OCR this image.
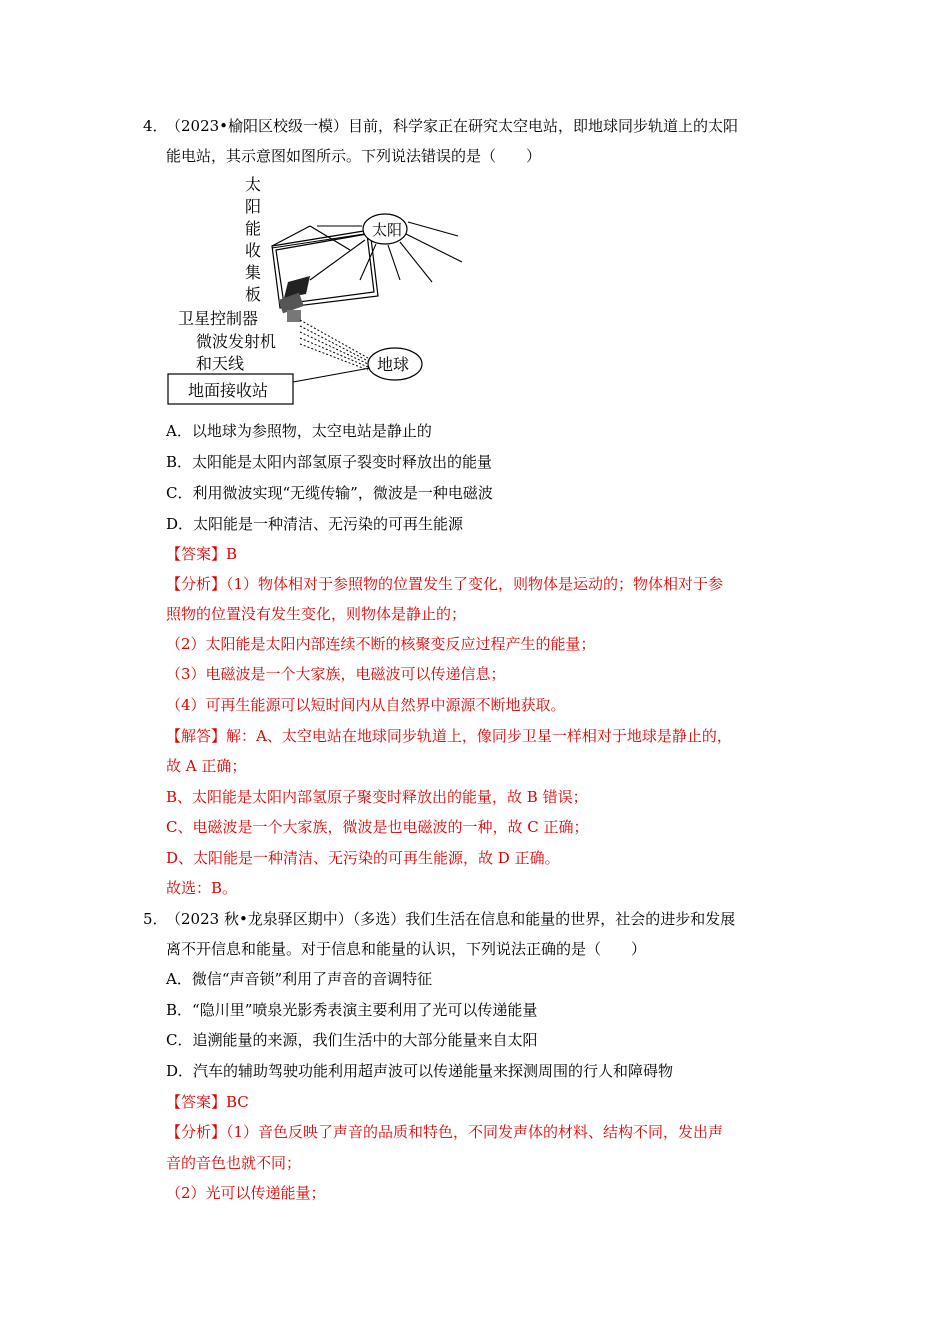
4．
（2023•榆阳区校级一模）目前，科学家正在研究太空电站，即地球同步轨道上的太阳
能电站，其示意图如图所示。下列说法错误的是（　　）
太
阳
能
收
集
板
太阳
卫星控制器
微波发射机
和天线	地球
地面接收站
A．以地球为参照物，太空电站是静止的
B．太阳能是太阳内部氢原子裂变时释放出的能量
C．利用微波实现“无缆传输”，微波是一种电磁波
D．太阳能是一种清洁、无污染的可再生能源
【答案】B
【分析】（1）物体相对于参照物的位置发生了变化，则物体是运动的；物体相对于参
照物的位置没有发生变化，则物体是静止的；
（2）太阳能是太阳内部连续不断的核聚变反应过程产生的能量；
（3）电磁波是一个大家族，电磁波可以传递信息；
（4）可再生能源可以短时间内从自然界中源源不断地获取。
【解答】解：A、太空电站在地球同步轨道上，像同步卫星一样相对于地球是静止的，
故 A 正确；
B、太阳能是太阳内部氢原子聚变时释放出的能量，故 B 错误；
C、电磁波是一个大家族，微波是也电磁波的一种，故 C 正确；
D、太阳能是一种清洁、无污染的可再生能源，故 D 正确。
故选：B。
5．
（2023 秋•龙泉驿区期中）（多选）我们生活在信息和能量的世界，社会的进步和发展
离不开信息和能量。对于信息和能量的认识，下列说法正确的是（　　）
A．微信“声音锁”利用了声音的音调特征
B．“隐川里”喷泉光影秀表演主要利用了光可以传递能量
C．追溯能量的来源，我们生活中的大部分能量来自太阳
D．汽车的辅助驾驶功能利用超声波可以传递能量来探测周围的行人和障碍物
【答案】BC
【分析】（1）音色反映了声音的品质和特色，不同发声体的材料、结构不同，发出声
音的音色也就不同；
（2）光可以传递能量；
